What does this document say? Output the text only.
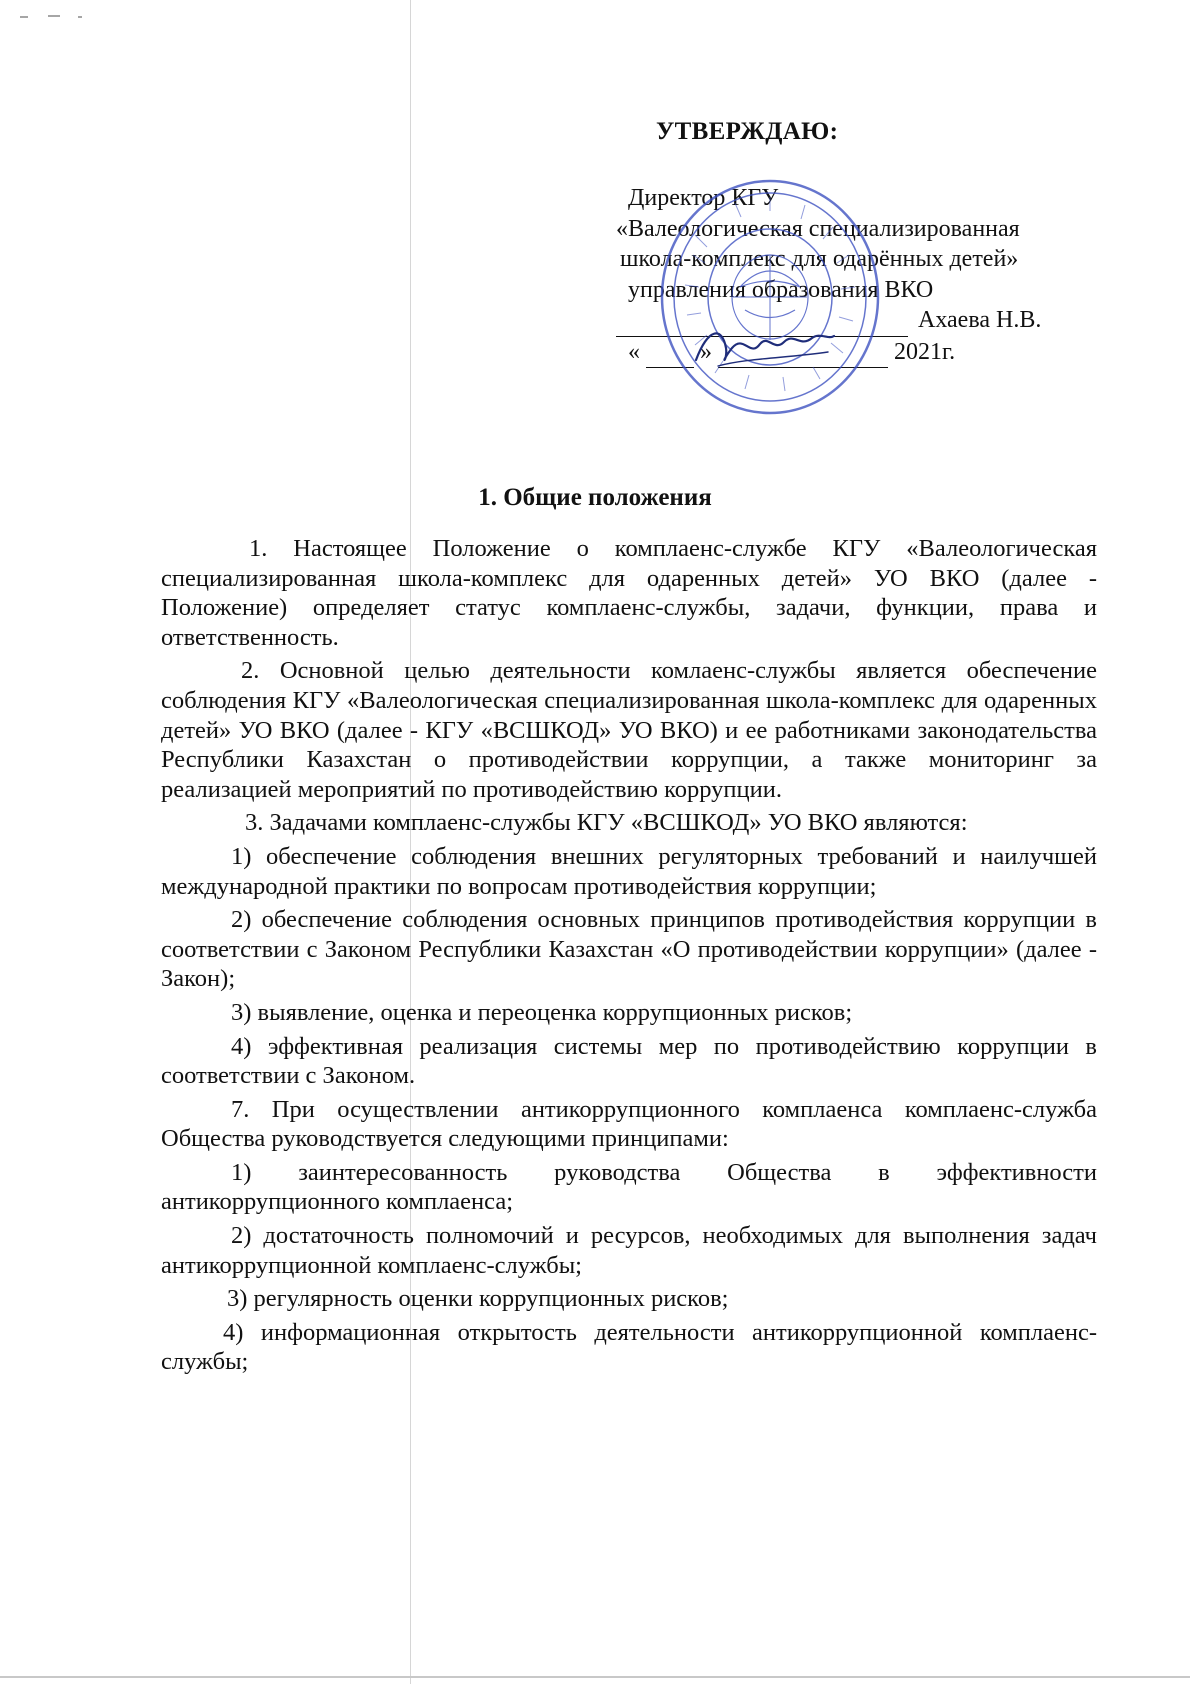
УТВЕРЖДАЮ:
Директор КГУ
«Валеологическая специализированная
школа-комплекс для одарённых детей»
управления образования ВКО
Ахаева Н.В.
«	»	2021г.
1. Общие положения

1. Настоящее Положение о комплаенс-службе КГУ «Валеологическая специализированная школа-комплекс для одаренных детей» УО ВКО (далее - Положение) определяет статус комплаенс-службы, задачи, функции, права и ответственность.

2. Основной целью деятельности комлаенс-службы является обеспечение соблюдения КГУ «Валеологическая специализированная школа-комплекс для одаренных детей» УО ВКО (далее - КГУ «ВСШКОД» УО ВКО) и ее работниками законодательства Республики Казахстан о противодействии коррупции, а также мониторинг за реализацией мероприятий по противодействию коррупции.

3. Задачами комплаенс-службы КГУ «ВСШКОД» УО ВКО являются:

1) обеспечение соблюдения внешних регуляторных требований и наилучшей международной практики по вопросам противодействия коррупции;

2) обеспечение соблюдения основных принципов противодействия коррупции в соответствии с Законом Республики Казахстан «О противодействии коррупции» (далее - Закон);

3) выявление, оценка и переоценка коррупционных рисков;

4) эффективная реализация системы мер по противодействию коррупции в соответствии с Законом.

7. При осуществлении антикоррупционного комплаенса комплаенс-служба Общества руководствуется следующими принципами:

1) заинтересованность руководства Общества в эффективности антикоррупционного комплаенса;

2) достаточность полномочий и ресурсов, необходимых для выполнения задач антикоррупционной комплаенс-службы;

3) регулярность оценки коррупционных рисков;

4) информационная открытость деятельности антикоррупционной комплаенс-службы;
